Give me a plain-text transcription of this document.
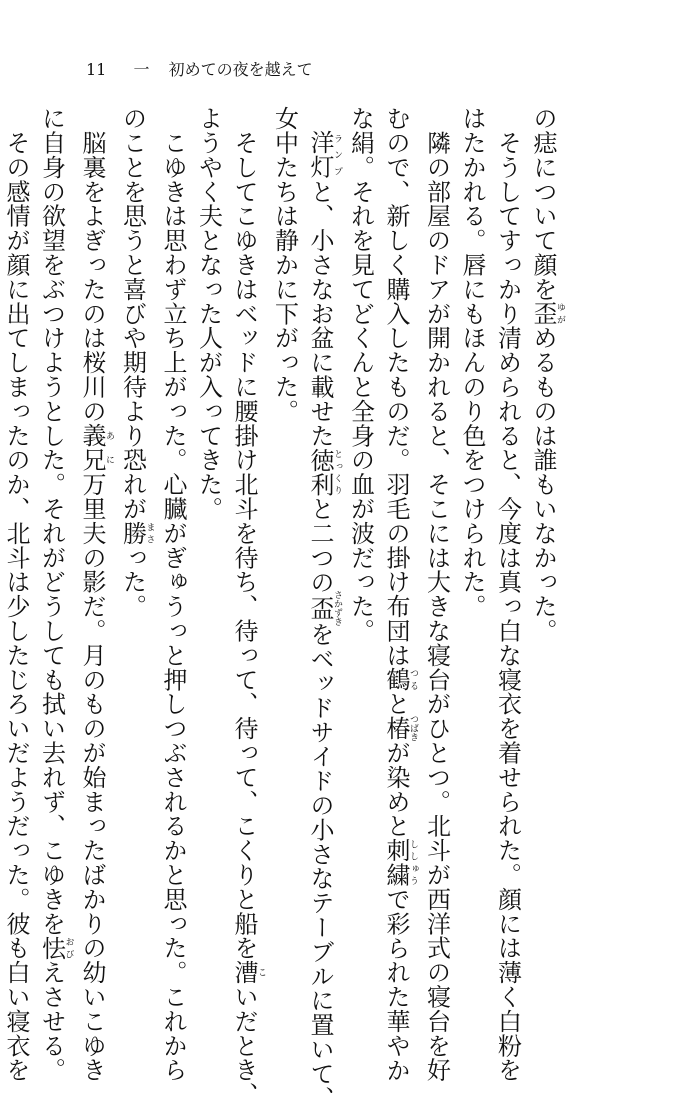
11 一 初めての夜を越えて
の痣について顔を歪ゆがめるものは誰もいなかった。
　そうしてすっかり清められると、今度は真っ白な寝衣を着せられた。顔には薄く白粉を
はたかれる。唇にもほんのり色をつけられた。
　隣の部屋のドアが開かれると、そこには大きな寝台がひとつ。北斗が西洋式の寝台を好
むので、新しく購入したものだ。羽毛の掛け布団は鶴つると椿つばきが染めと刺繍ししゅうで彩られた華やか
な絹。それを見てどくんと全身の血が波だった。
　洋灯ランプと、小さなお盆に載せた徳利とっくりと二つの盃さかずきをベッドサイドの小さなテーブルに置いて、
女中たちは静かに下がった。
　そしてこゆきはベッドに腰掛け北斗を待ち、待って、待って、こくりと船を漕こいだとき、
ようやく夫となった人が入ってきた。
　こゆきは思わず立ち上がった。心臓がぎゅうっと押しつぶされるかと思った。これから
のことを思うと喜びや期待より恐れが勝まさった。
　脳裏をよぎったのは桜川の義兄あに万里夫の影だ。月のものが始まったばかりの幼いこゆき
に自身の欲望をぶつけようとした。それがどうしても拭い去れず、こゆきを怯おびえさせる。
　その感情が顔に出てしまったのか、北斗は少したじろいだようだった。彼も白い寝衣を
